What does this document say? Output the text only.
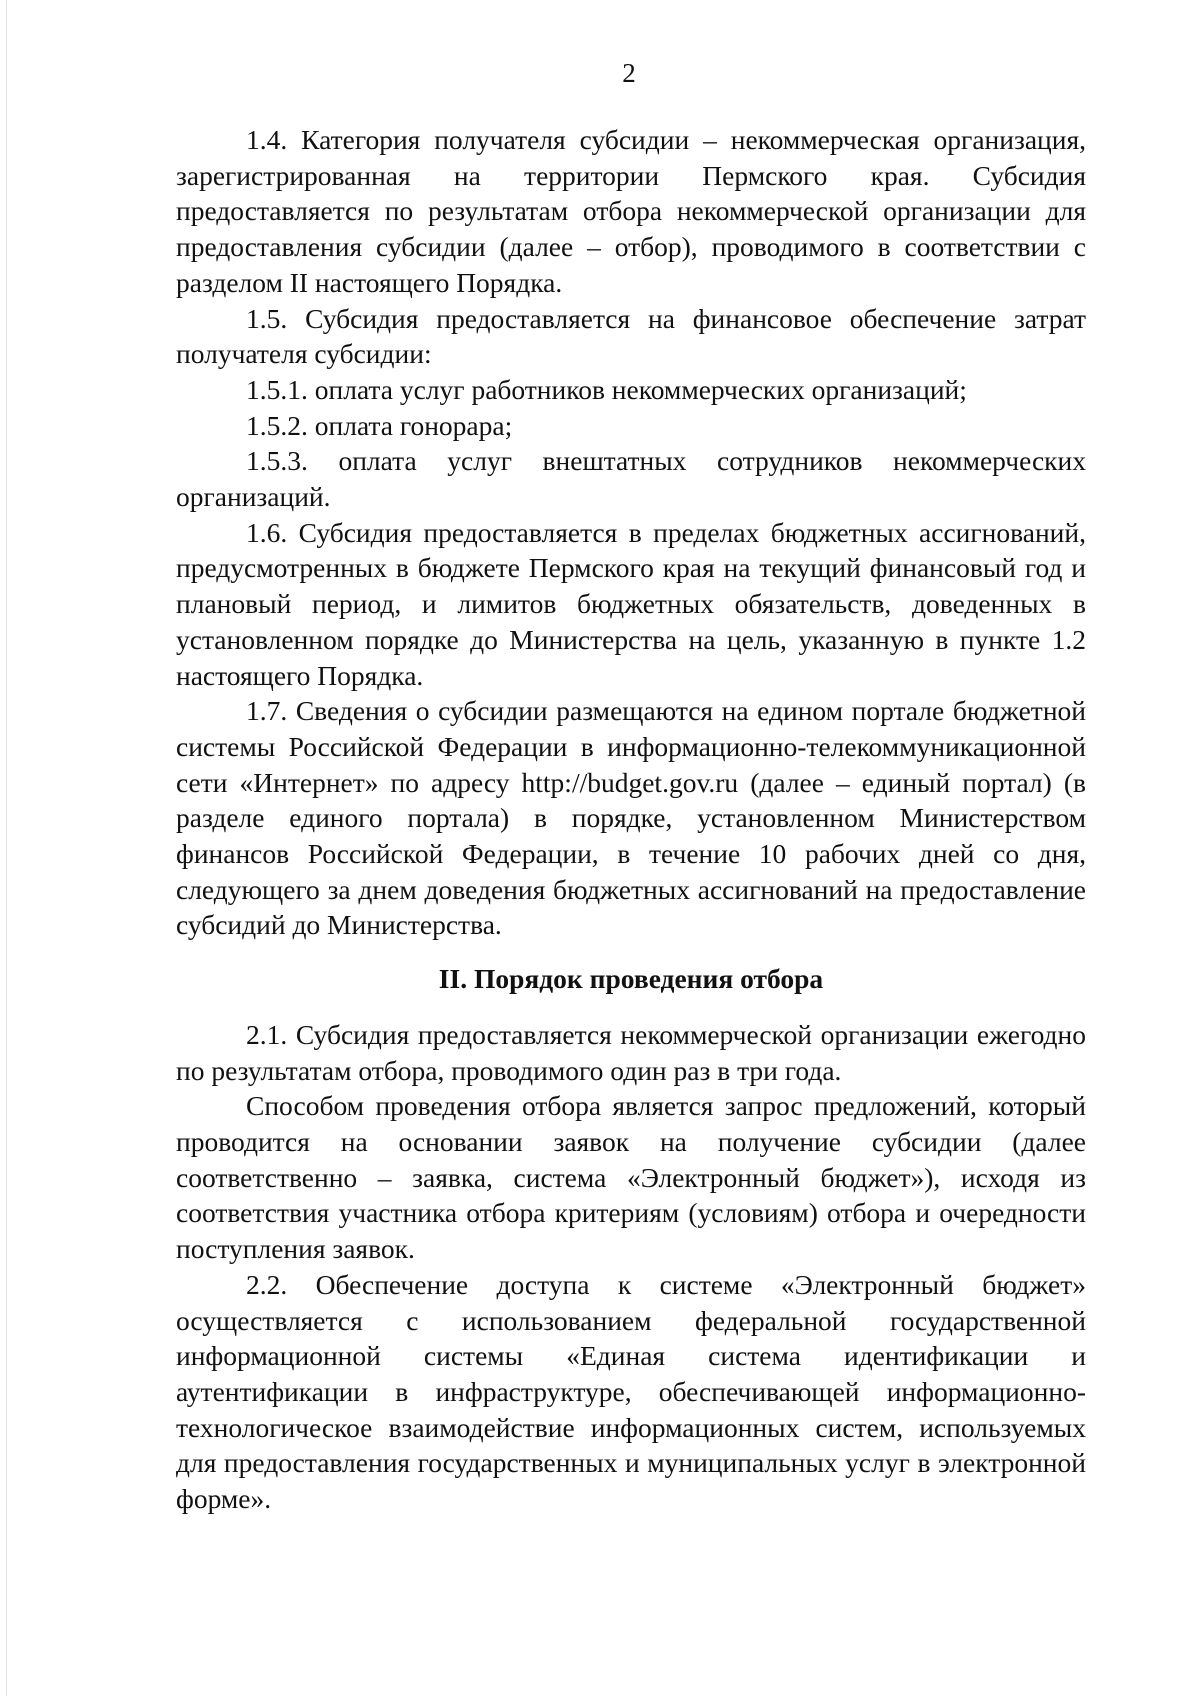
2

1.4. Категория получателя субсидии – некоммерческая организация, зарегистрированная на территории Пермского края. Субсидия предоставляется по результатам отбора некоммерческой организации для предоставления субсидии (далее – отбор), проводимого в соответствии с разделом II настоящего Порядка.

1.5. Субсидия предоставляется на финансовое обеспечение затрат получателя субсидии:

1.5.1. оплата услуг работников некоммерческих организаций;

1.5.2. оплата гонорара;

1.5.3. оплата услуг внештатных сотрудников некоммерческих организаций.

1.6. Субсидия предоставляется в пределах бюджетных ассигнований, предусмотренных в бюджете Пермского края на текущий финансовый год и плановый период, и лимитов бюджетных обязательств, доведенных в установленном порядке до Министерства на цель, указанную в пункте 1.2 настоящего Порядка.

1.7. Сведения о субсидии размещаются на едином портале бюджетной системы Российской Федерации в информационно-телекоммуникационной сети «Интернет» по адресу http://budget.gov.ru (далее – единый портал) (в разделе единого портала) в порядке, установленном Министерством финансов Российской Федерации, в течение 10 рабочих дней со дня, следующего за днем доведения бюджетных ассигнований на предоставление субсидий до Министерства.

II. Порядок проведения отбора

2.1. Субсидия предоставляется некоммерческой организации ежегодно по результатам отбора, проводимого один раз в три года.

Способом проведения отбора является запрос предложений, который проводится на основании заявок на получение субсидии (далее соответственно – заявка, система «Электронный бюджет»), исходя из соответствия участника отбора критериям (условиям) отбора и очередности поступления заявок.

2.2. Обеспечение доступа к системе «Электронный бюджет» осуществляется с использованием федеральной государственной информационной системы «Единая система идентификации и аутентификации в инфраструктуре, обеспечивающей информационно-технологическое взаимодействие информационных систем, используемых для предоставления государственных и муниципальных услуг в электронной форме».
